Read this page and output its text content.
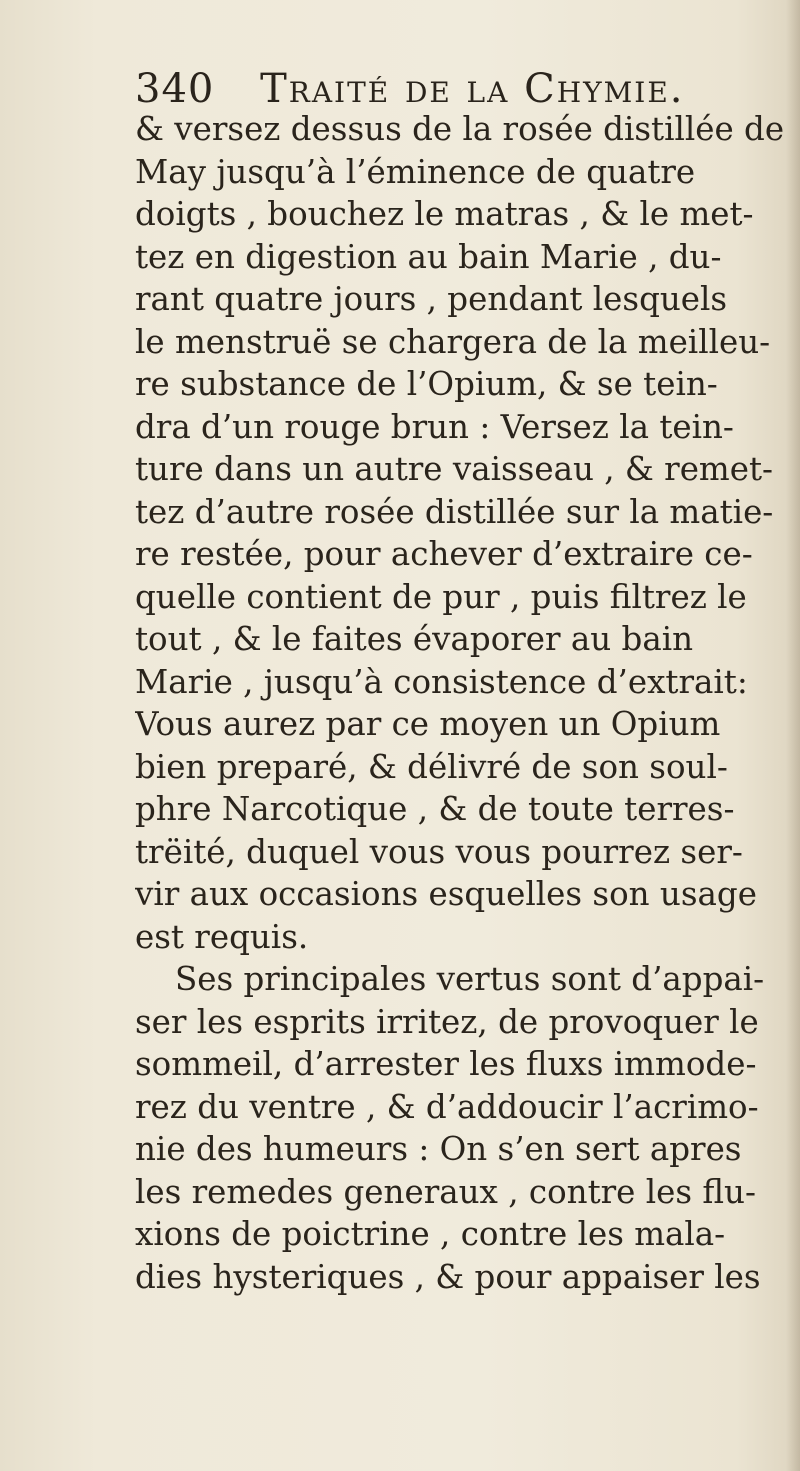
340 Traité de la Chymie.
& versez dessus de la rosée distillée de
May jusqu’à l’éminence de quatre
doigts , bouchez le matras , & le met-
tez en digestion au bain Marie , du-
rant quatre jours , pendant lesquels
le menstruë se chargera de la meilleu-
re substance de l’Opium, & se tein-
dra d’un rouge brun : Versez la tein-
ture dans un autre vaisseau , & remet-
tez d’autre rosée distillée sur la matie-
re restée, pour achever d’extraire ce-
quelle contient de pur , puis filtrez le
tout , & le faites évaporer au bain
Marie , jusqu’à consistence d’extrait:
Vous aurez par ce moyen un Opium
bien preparé, & délivré de son soul-
phre Narcotique , & de toute terres-
trëité, duquel vous vous pourrez ser-
vir aux occasions esquelles son usage
est requis.
Ses principales vertus sont d’appai-
ser les esprits irritez, de provoquer le
sommeil, d’arrester les fluxs immode-
rez du ventre , & d’addoucir l’acrimo-
nie des humeurs : On s’en sert apres
les remedes generaux , contre les flu-
xions de poictrine , contre les mala-
dies hysteriques , & pour appaiser les
